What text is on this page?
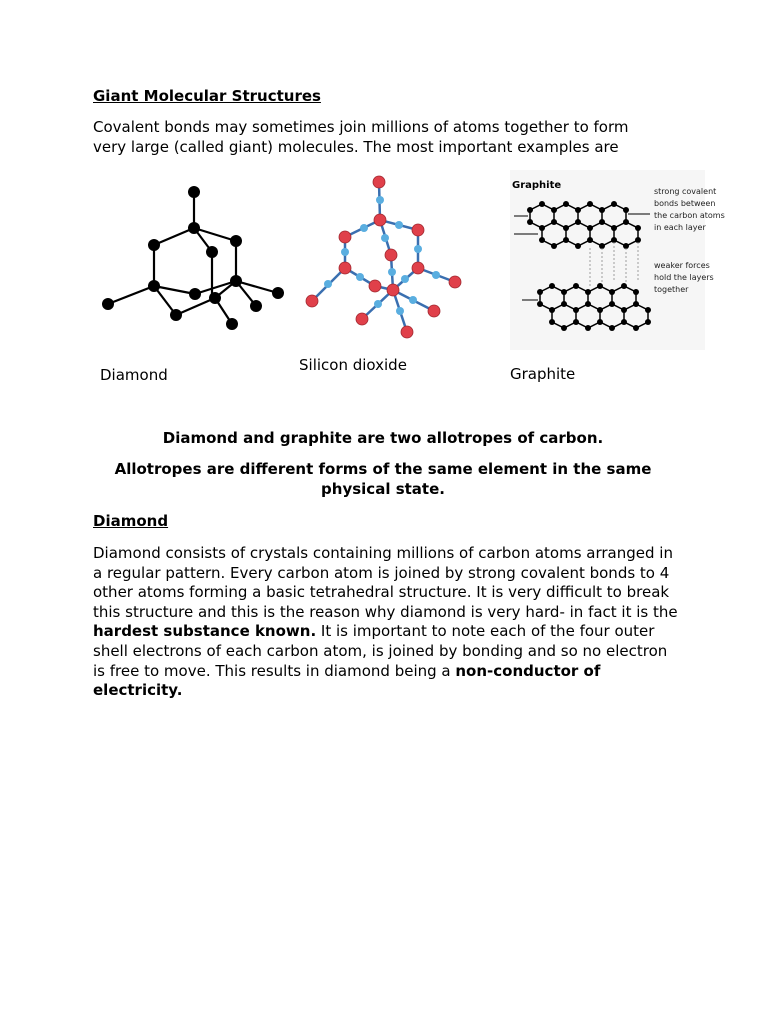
Giant Molecular Structures
Covalent bonds may sometimes join millions of atoms together to form very large (called giant) molecules. The most important examples are
Graphite
strong covalent
bonds between
the carbon atoms
in each layer
weaker forces
hold the layers
together
Diamond
Silicon dioxide	Graphite
Diamond and graphite are two allotropes of carbon.
Allotropes are different forms of the same element in the same physical state.
Diamond
Diamond consists of crystals containing millions of carbon atoms arranged in a regular pattern. Every carbon atom is joined by strong covalent bonds to 4 other atoms forming a basic tetrahedral structure. It is very difficult to break this structure and this is the reason why diamond is very hard- in fact it is the hardest substance known. It is important to note each of the four outer shell electrons of each carbon atom, is joined by bonding and so no electron is free to move. This results in diamond being a non-conductor of electricity.
